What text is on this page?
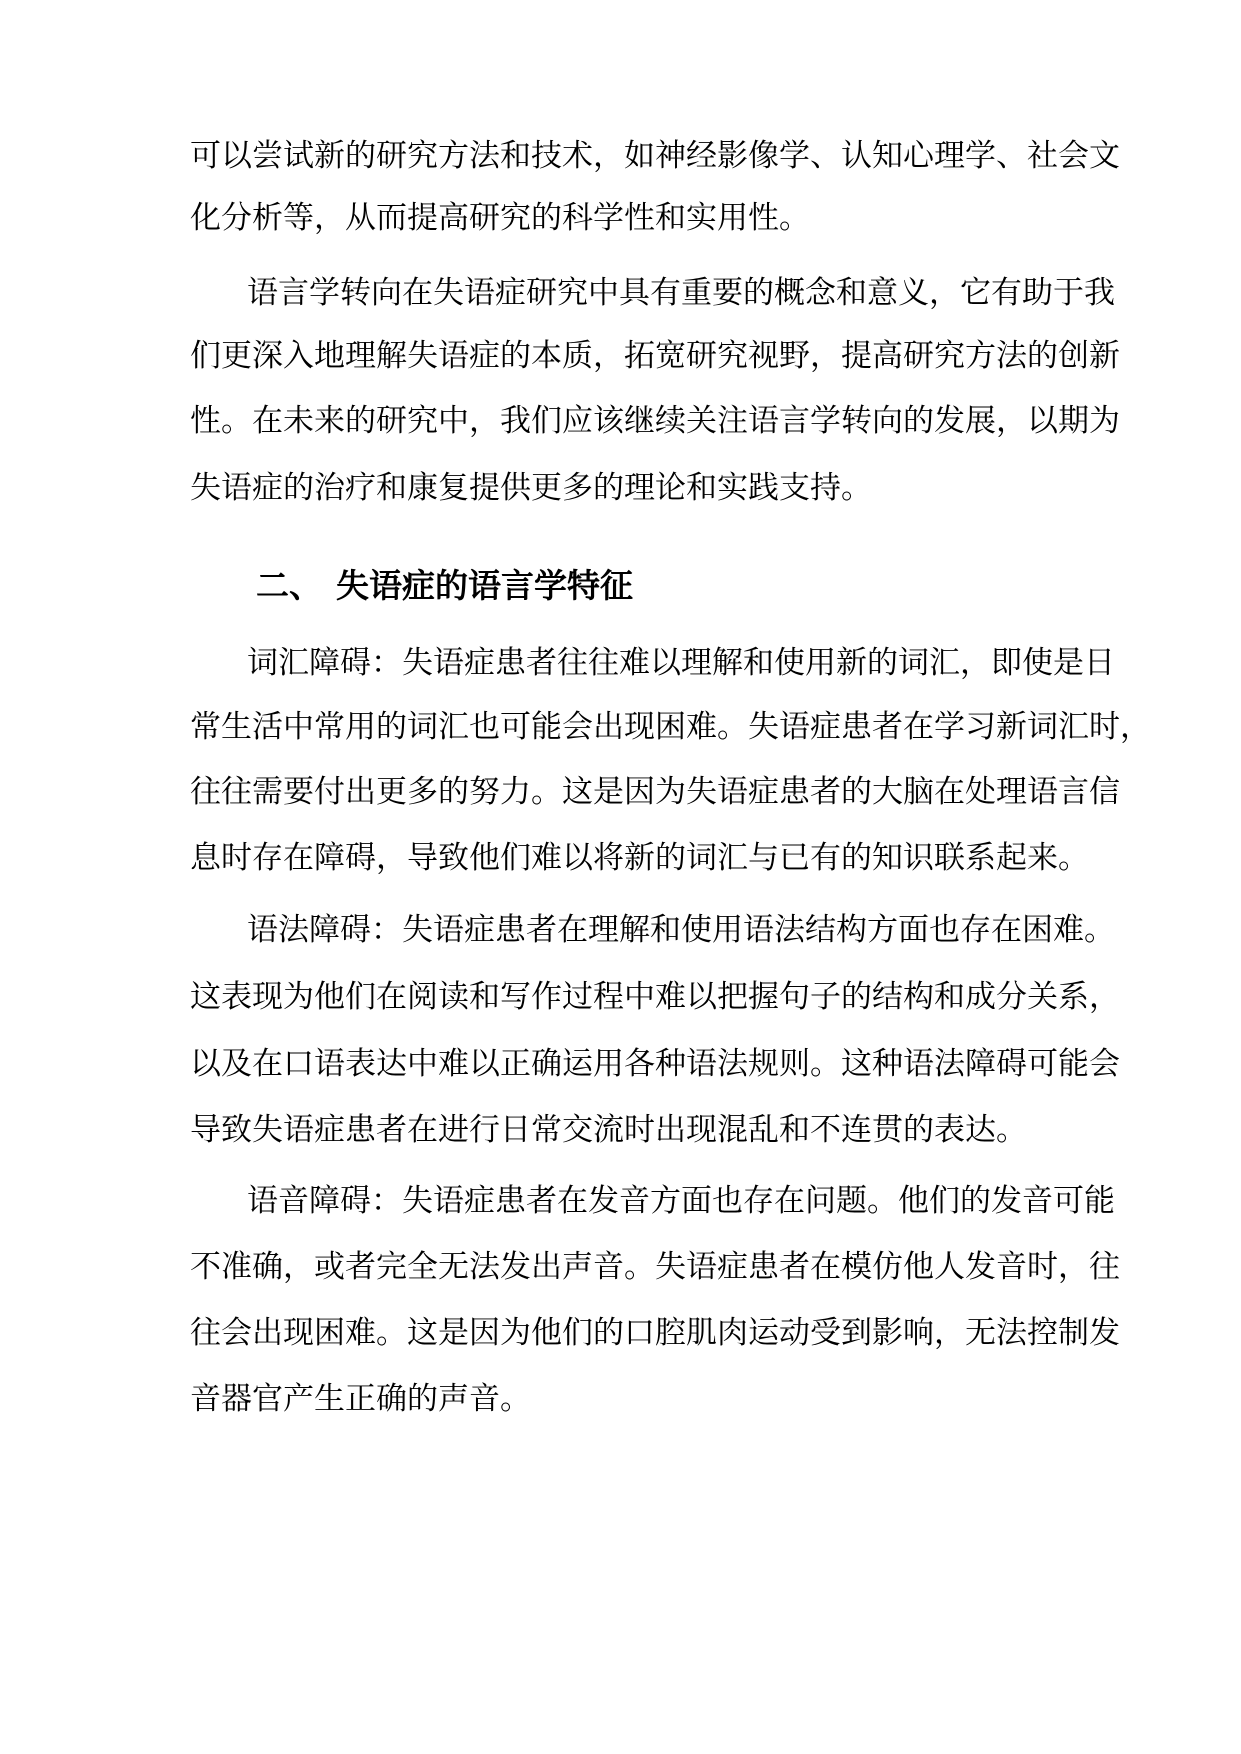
可以尝试新的研究方法和技术，如神经影像学、认知心理学、社会文
化分析等，从而提高研究的科学性和实用性。
语言学转向在失语症研究中具有重要的概念和意义，它有助于我
们更深入地理解失语症的本质，拓宽研究视野，提高研究方法的创新
性。在未来的研究中，我们应该继续关注语言学转向的发展，以期为
失语症的治疗和康复提供更多的理论和实践支持。
二、 失语症的语言学特征
词汇障碍：失语症患者往往难以理解和使用新的词汇，即使是日
常生活中常用的词汇也可能会出现困难。失语症患者在学习新词汇时，
往往需要付出更多的努力。这是因为失语症患者的大脑在处理语言信
息时存在障碍，导致他们难以将新的词汇与已有的知识联系起来。
语法障碍：失语症患者在理解和使用语法结构方面也存在困难。
这表现为他们在阅读和写作过程中难以把握句子的结构和成分关系，
以及在口语表达中难以正确运用各种语法规则。这种语法障碍可能会
导致失语症患者在进行日常交流时出现混乱和不连贯的表达。
语音障碍：失语症患者在发音方面也存在问题。他们的发音可能
不准确，或者完全无法发出声音。失语症患者在模仿他人发音时，往
往会出现困难。这是因为他们的口腔肌肉运动受到影响，无法控制发
音器官产生正确的声音。
